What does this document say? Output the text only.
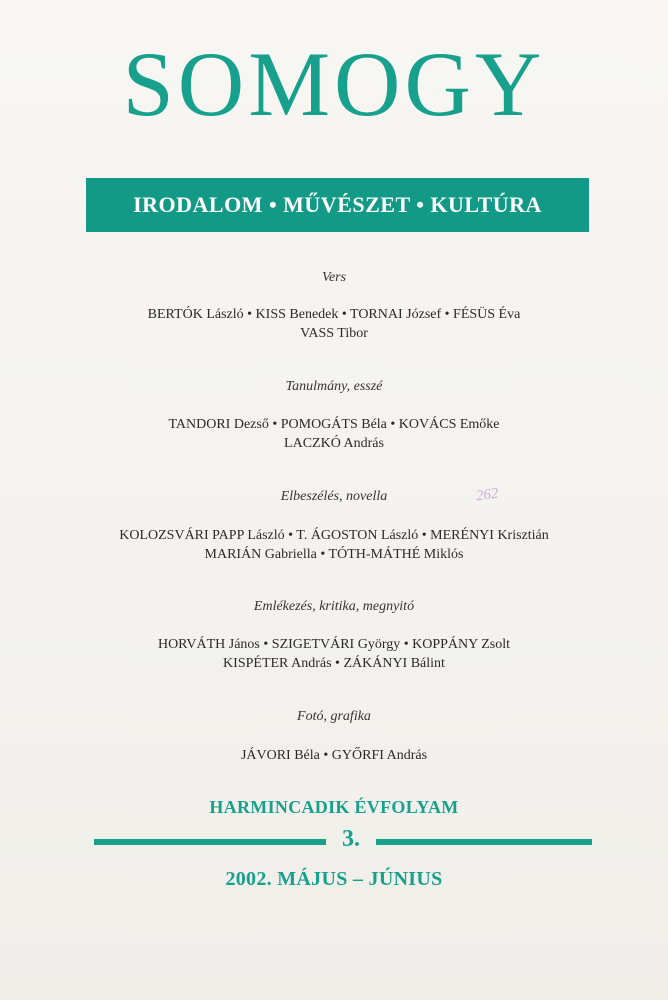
SOMOGY
IRODALOM • MŰVÉSZET • KULTÚRA
Vers
BERTÓK László • KISS Benedek • TORNAI József • FÉSÜS Éva
VASS Tibor
Tanulmány, esszé
TANDORI Dezső • POMOGÁTS Béla • KOVÁCS Emőke
LACZKÓ András
Elbeszélés, novella
KOLOZSVÁRI PAPP László • T. ÁGOSTON László • MERÉNYI Krisztián
MARIÁN Gabriella • TÓTH-MÁTHÉ Miklós
Emlékezés, kritika, megnyitó
HORVÁTH János • SZIGETVÁRI György • KOPPÁNY Zsolt
KISPÉTER András • ZÁKÁNYI Bálint
Fotó, grafika
JÁVORI Béla • GYŐRFI András
262
HARMINCADIK ÉVFOLYAM
3.
2002. MÁJUS – JÚNIUS
